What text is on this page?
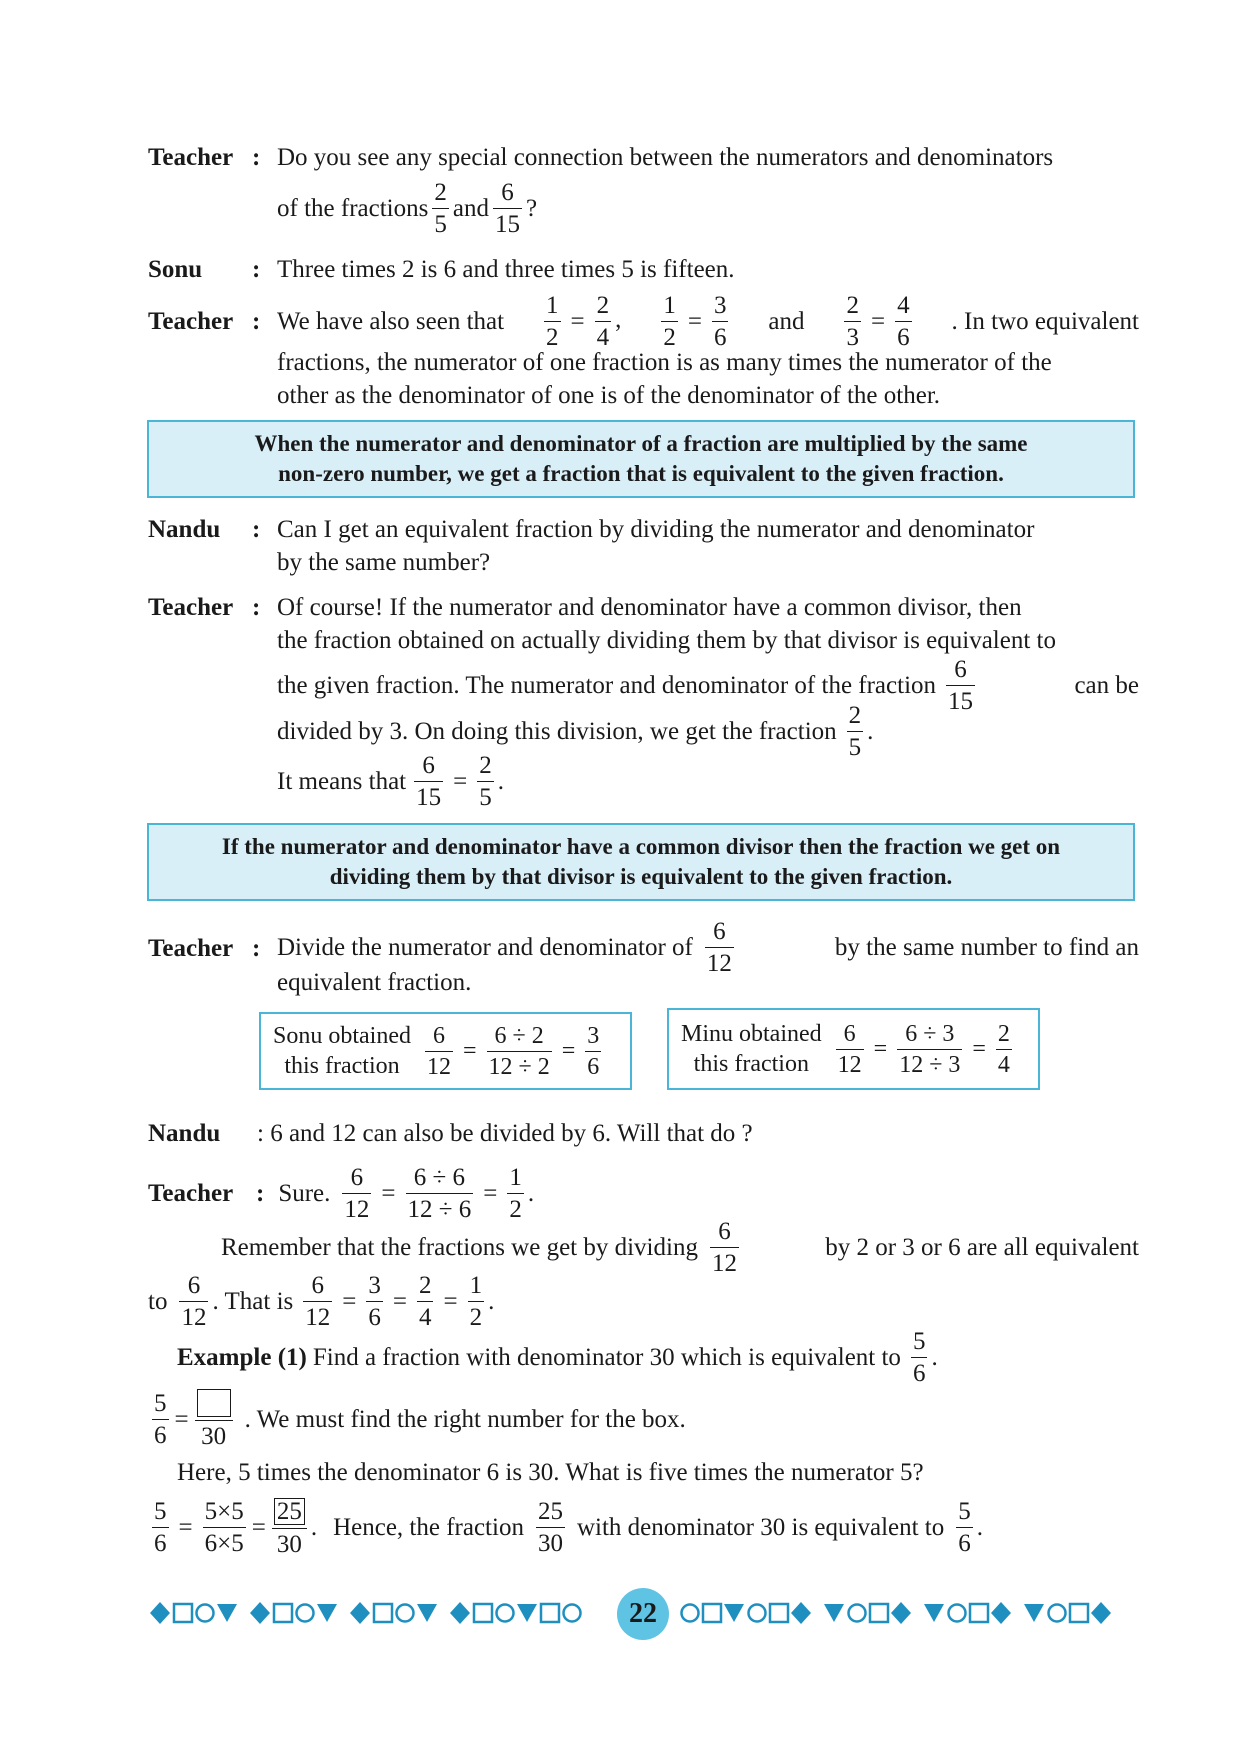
Teacher : Do you see any special connection between the numerators and denominators
of the fractions $\frac{2}{5}$ and $\frac{6}{15}$ ?
Sonu : Three times 2 is 6 and three times 5 is fifteen.
Teacher : We have also seen that $\frac{1}{2} = \frac{2}{4}$ , $\frac{1}{2} = \frac{3}{6}$ and $\frac{2}{3} = \frac{4}{6}$ . In two equivalent
fractions, the numerator of one fraction is as many times the numerator of the
other as the denominator of one is of the denominator of the other.
When the numerator and denominator of a fraction are multiplied by the same
non-zero number, we get a fraction that is equivalent to the given fraction.
Nandu : Can I get an equivalent fraction by dividing the numerator and denominator
by the same number?
Teacher : Of course! If the numerator and denominator have a common divisor, then
the fraction obtained on actually dividing them by that divisor is equivalent to
the given fraction. The numerator and denominator of the fraction $\frac{6}{15}$	can be
divided by 3. On doing this division, we get the fraction $\frac{2}{5}$ .
It means that $\frac{6}{15} = \frac{2}{5}$ .
If the numerator and denominator have a common divisor then the fraction we get on
dividing them by that divisor is equivalent to the given fraction.
Teacher : Divide the numerator and denominator of $\frac{6}{12}$	by the same number to find an
equivalent fraction.
Sonu obtained
this fraction	$\frac{6}{12} = \frac{6 \div 2}{12 \div 2} = \frac{3}{6}$	Minu obtained
this fraction	$\frac{6}{12} = \frac{6 \div 3}{12 \div 3} = \frac{2}{4}$
Nandu : 6 and 12 can also be divided by 6. Will that do ?
Teacher : Sure. $\frac{6}{12} = \frac{6 \div 6}{12 \div 6} = \frac{1}{2}$ .
Remember that the fractions we get by dividing $\frac{6}{12}$	by 2 or 3 or 6 are all equivalent
to $\frac{6}{12}$ . That is $\frac{6}{12} = \frac{3}{6} = \frac{2}{4} = \frac{1}{2}$ .
Example (1) Find a fraction with denominator 30 which is equivalent to $\frac{5}{6}$ .
$\frac{5}{6}$ =
30
. We must find the right number for the box.
Here, 5 times the denominator 6 is 30. What is five times the numerator 5?
$\frac{5}{6} = \frac{5\times 5}{6\times 5} = \frac{25}{30}$ . Hence, the fraction $\frac{25}{30}$ with denominator 30 is equivalent to $\frac{5}{6}$ .
22
